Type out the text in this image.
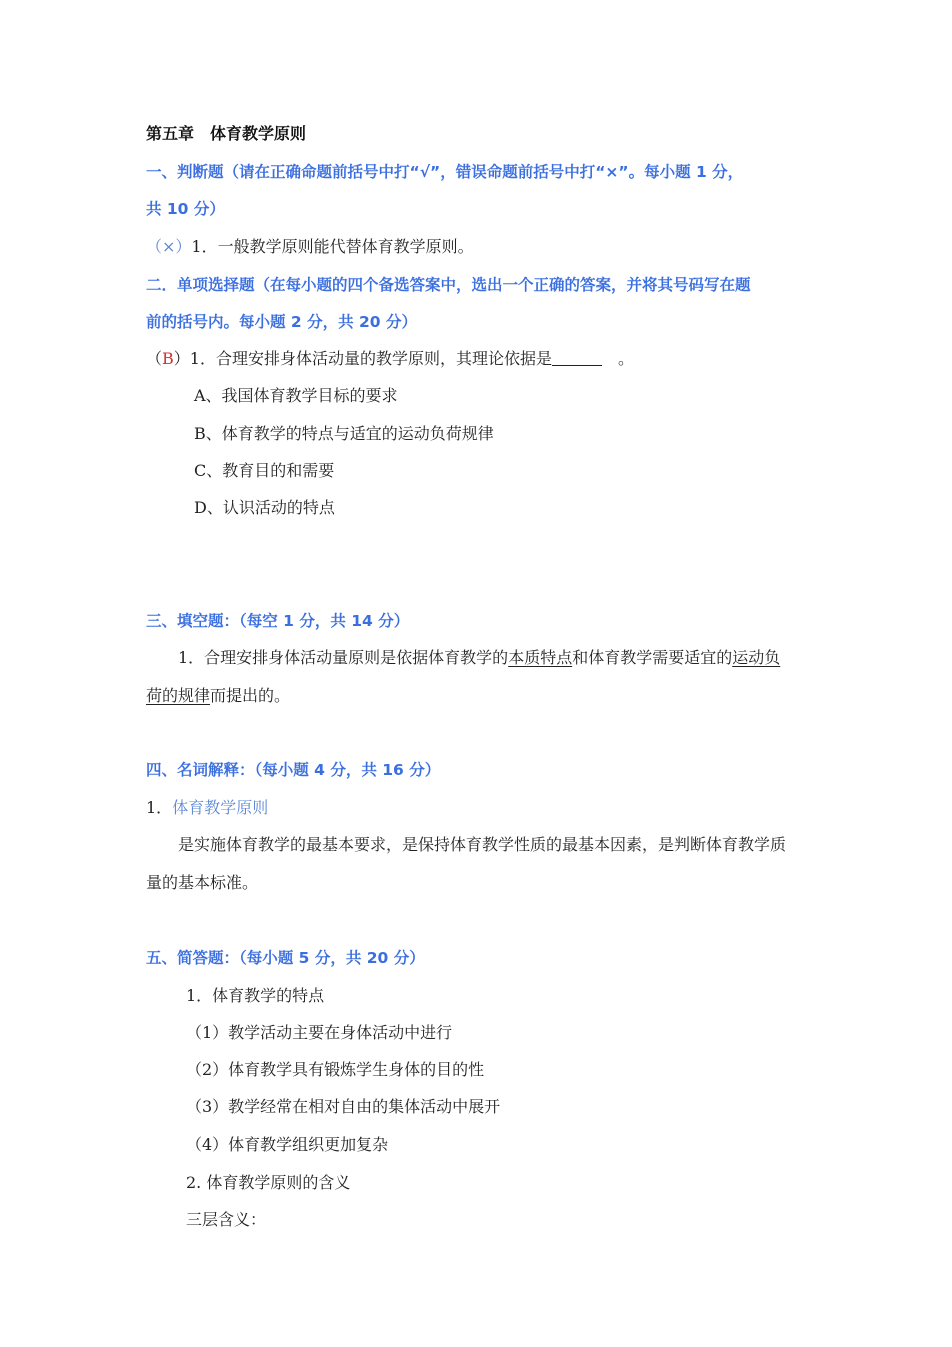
第五章　体育教学原则
一、判断题（请在正确命题前括号中打“√”，错误命题前括号中打“×”。每小题 1 分，
共 10 分）
（×）1．一般教学原则能代替体育教学原则。
二．单项选择题（在每小题的四个备选答案中，选出一个正确的答案，并将其号码写在题
前的括号内。每小题 2 分，共 20 分）
（B）1．合理安排身体活动量的教学原则，其理论依据是	　。
A、我国体育教学目标的要求
B、体育教学的特点与适宜的运动负荷规律
C、教育目的和需要
D、认识活动的特点
三、填空题：（每空 1 分，共 14 分）
1．合理安排身体活动量原则是依据体育教学的本质特点和体育教学需要适宜的运动负
荷的规律而提出的。
四、名词解释：（每小题 4 分，共 16 分）
1．体育教学原则
是实施体育教学的最基本要求，是保持体育教学性质的最基本因素，是判断体育教学质
量的基本标准。
五、简答题：（每小题 5 分，共 20 分）
1．体育教学的特点
（1）教学活动主要在身体活动中进行
（2）体育教学具有锻炼学生身体的目的性
（3）教学经常在相对自由的集体活动中展开
（4）体育教学组织更加复杂
2. 体育教学原则的含义
三层含义：
